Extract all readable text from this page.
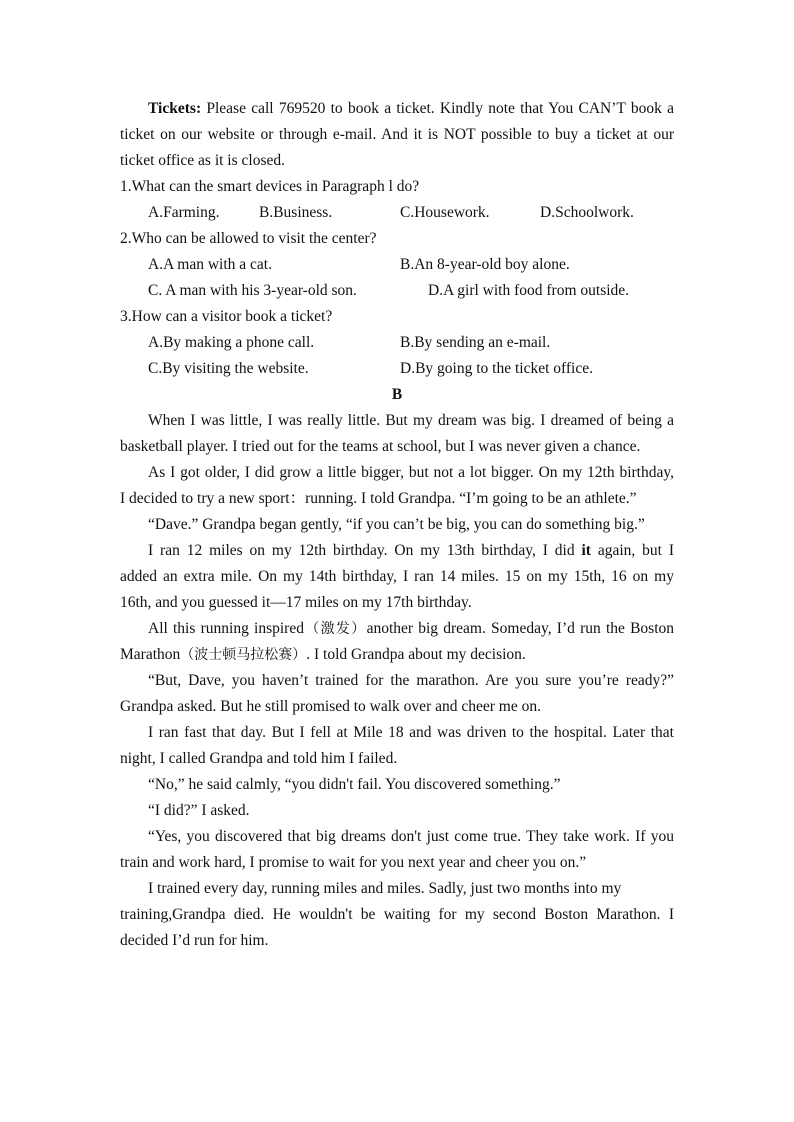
Tickets: Please call 769520 to book a ticket. Kindly note that You CAN’T book a
ticket on our website or through e-mail. And it is NOT possible to buy a ticket at our
ticket office as it is closed.
1.What can the smart devices in Paragraph l do?
A.Farming.	B.Business.	C.Housework.	D.Schoolwork.
2.Who can be allowed to visit the center?
A.A man with a cat.	B.An 8-year-old boy alone.
C. A man with his 3-year-old son.	D.A girl with food from outside.
3.How can a visitor book a ticket?
A.By making a phone call.	B.By sending an e-mail.
C.By visiting the website.	D.By going to the ticket office.
B
When I was little, I was really little. But my dream was big. I dreamed of being a
basketball player. I tried out for the teams at school, but I was never given a chance.
As I got older, I did grow a little bigger, but not a lot bigger. On my 12th birthday,
I decided to try a new sport：running. I told Grandpa. “I’m going to be an athlete.”
“Dave.” Grandpa began gently, “if you can’t be big, you can do something big.”
I ran 12 miles on my 12th birthday. On my 13th birthday, I did it again, but I
added an extra mile. On my 14th birthday, I ran 14 miles. 15 on my 15th, 16 on my
16th, and you guessed it—17 miles on my 17th birthday.
All this running inspired（激发）another big dream. Someday, I’d run the Boston
Marathon（波士顿马拉松赛）. I told Grandpa about my decision.
“But, Dave, you haven’t trained for the marathon. Are you sure you’re ready?”
Grandpa asked. But he still promised to walk over and cheer me on.
I ran fast that day. But I fell at Mile 18 and was driven to the hospital. Later that
night, I called Grandpa and told him I failed.
“No,” he said calmly, “you didn't fail. You discovered something.”
“I did?” I asked.
“Yes, you discovered that big dreams don't just come true. They take work. If you
train and work hard, I promise to wait for you next year and cheer you on.”
I trained every day, running miles and miles. Sadly, just two months into my
training,Grandpa died. He wouldn't be waiting for my second Boston Marathon. I
decided I’d run for him.
